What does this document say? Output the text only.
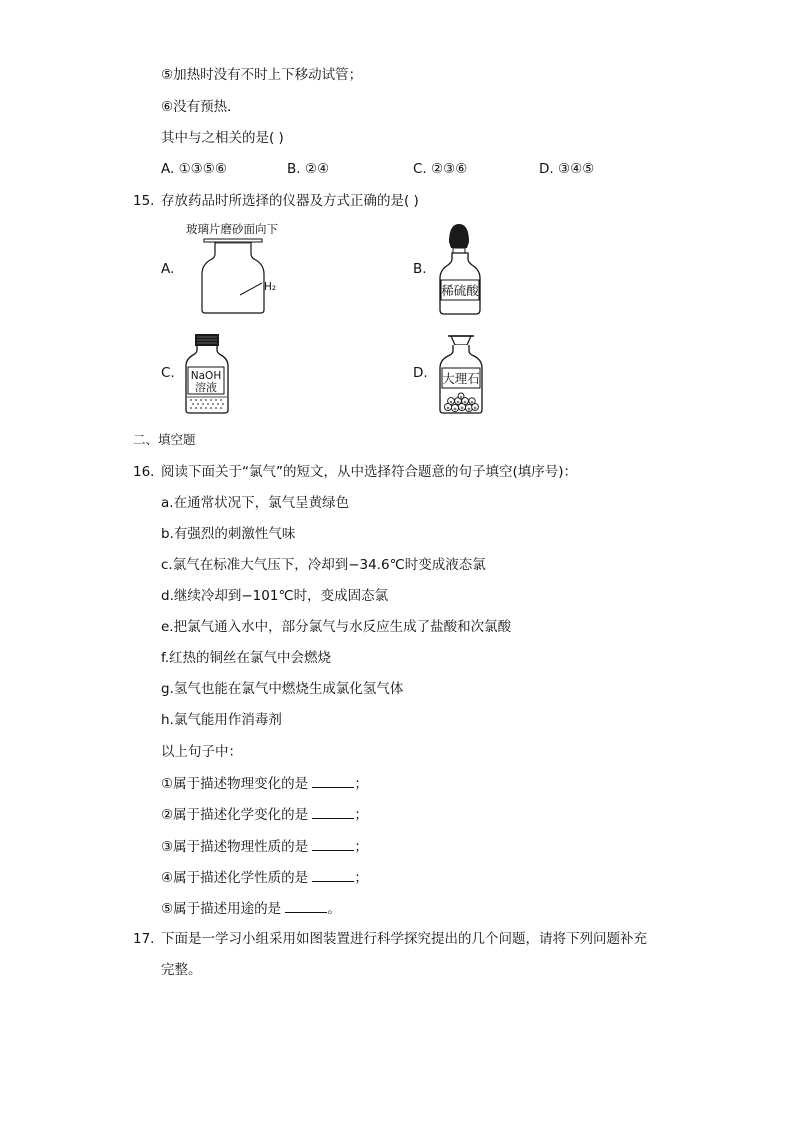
⑤加热时没有不时上下移动试管；
⑥没有预热．
其中与之相关的是( )
A. ①③⑤⑥	B. ②④	C. ②③⑥	D. ③④⑤
15. 存放药品时所选择的仪器及方式正确的是( )
A.	B.
C.	D.
玻璃片磨砂面向下
H₂	稀硫酸
NaOH
溶液
大理石
二、填空题
16. 阅读下面关于“氯气”的短文，从中选择符合题意的句子填空(填序号)：
a.在通常状况下，氯气呈黄绿色
b.有强烈的刺激性气味
c.氯气在标准大气压下，冷却到−34.6℃时变成液态氯
d.继续冷却到−101℃时，变成固态氯
e.把氯气通入水中，部分氯气与水反应生成了盐酸和次氯酸
f.红热的铜丝在氯气中会燃烧
g.氢气也能在氯气中燃烧生成氯化氢气体
h.氯气能用作消毒剂
以上句子中：
①属于描述物理变化的是	；
②属于描述化学变化的是	；
③属于描述物理性质的是	；
④属于描述化学性质的是	；
⑤属于描述用途的是	。
17. 下面是一学习小组采用如图装置进行科学探究提出的几个问题，请将下列问题补充
完整。
